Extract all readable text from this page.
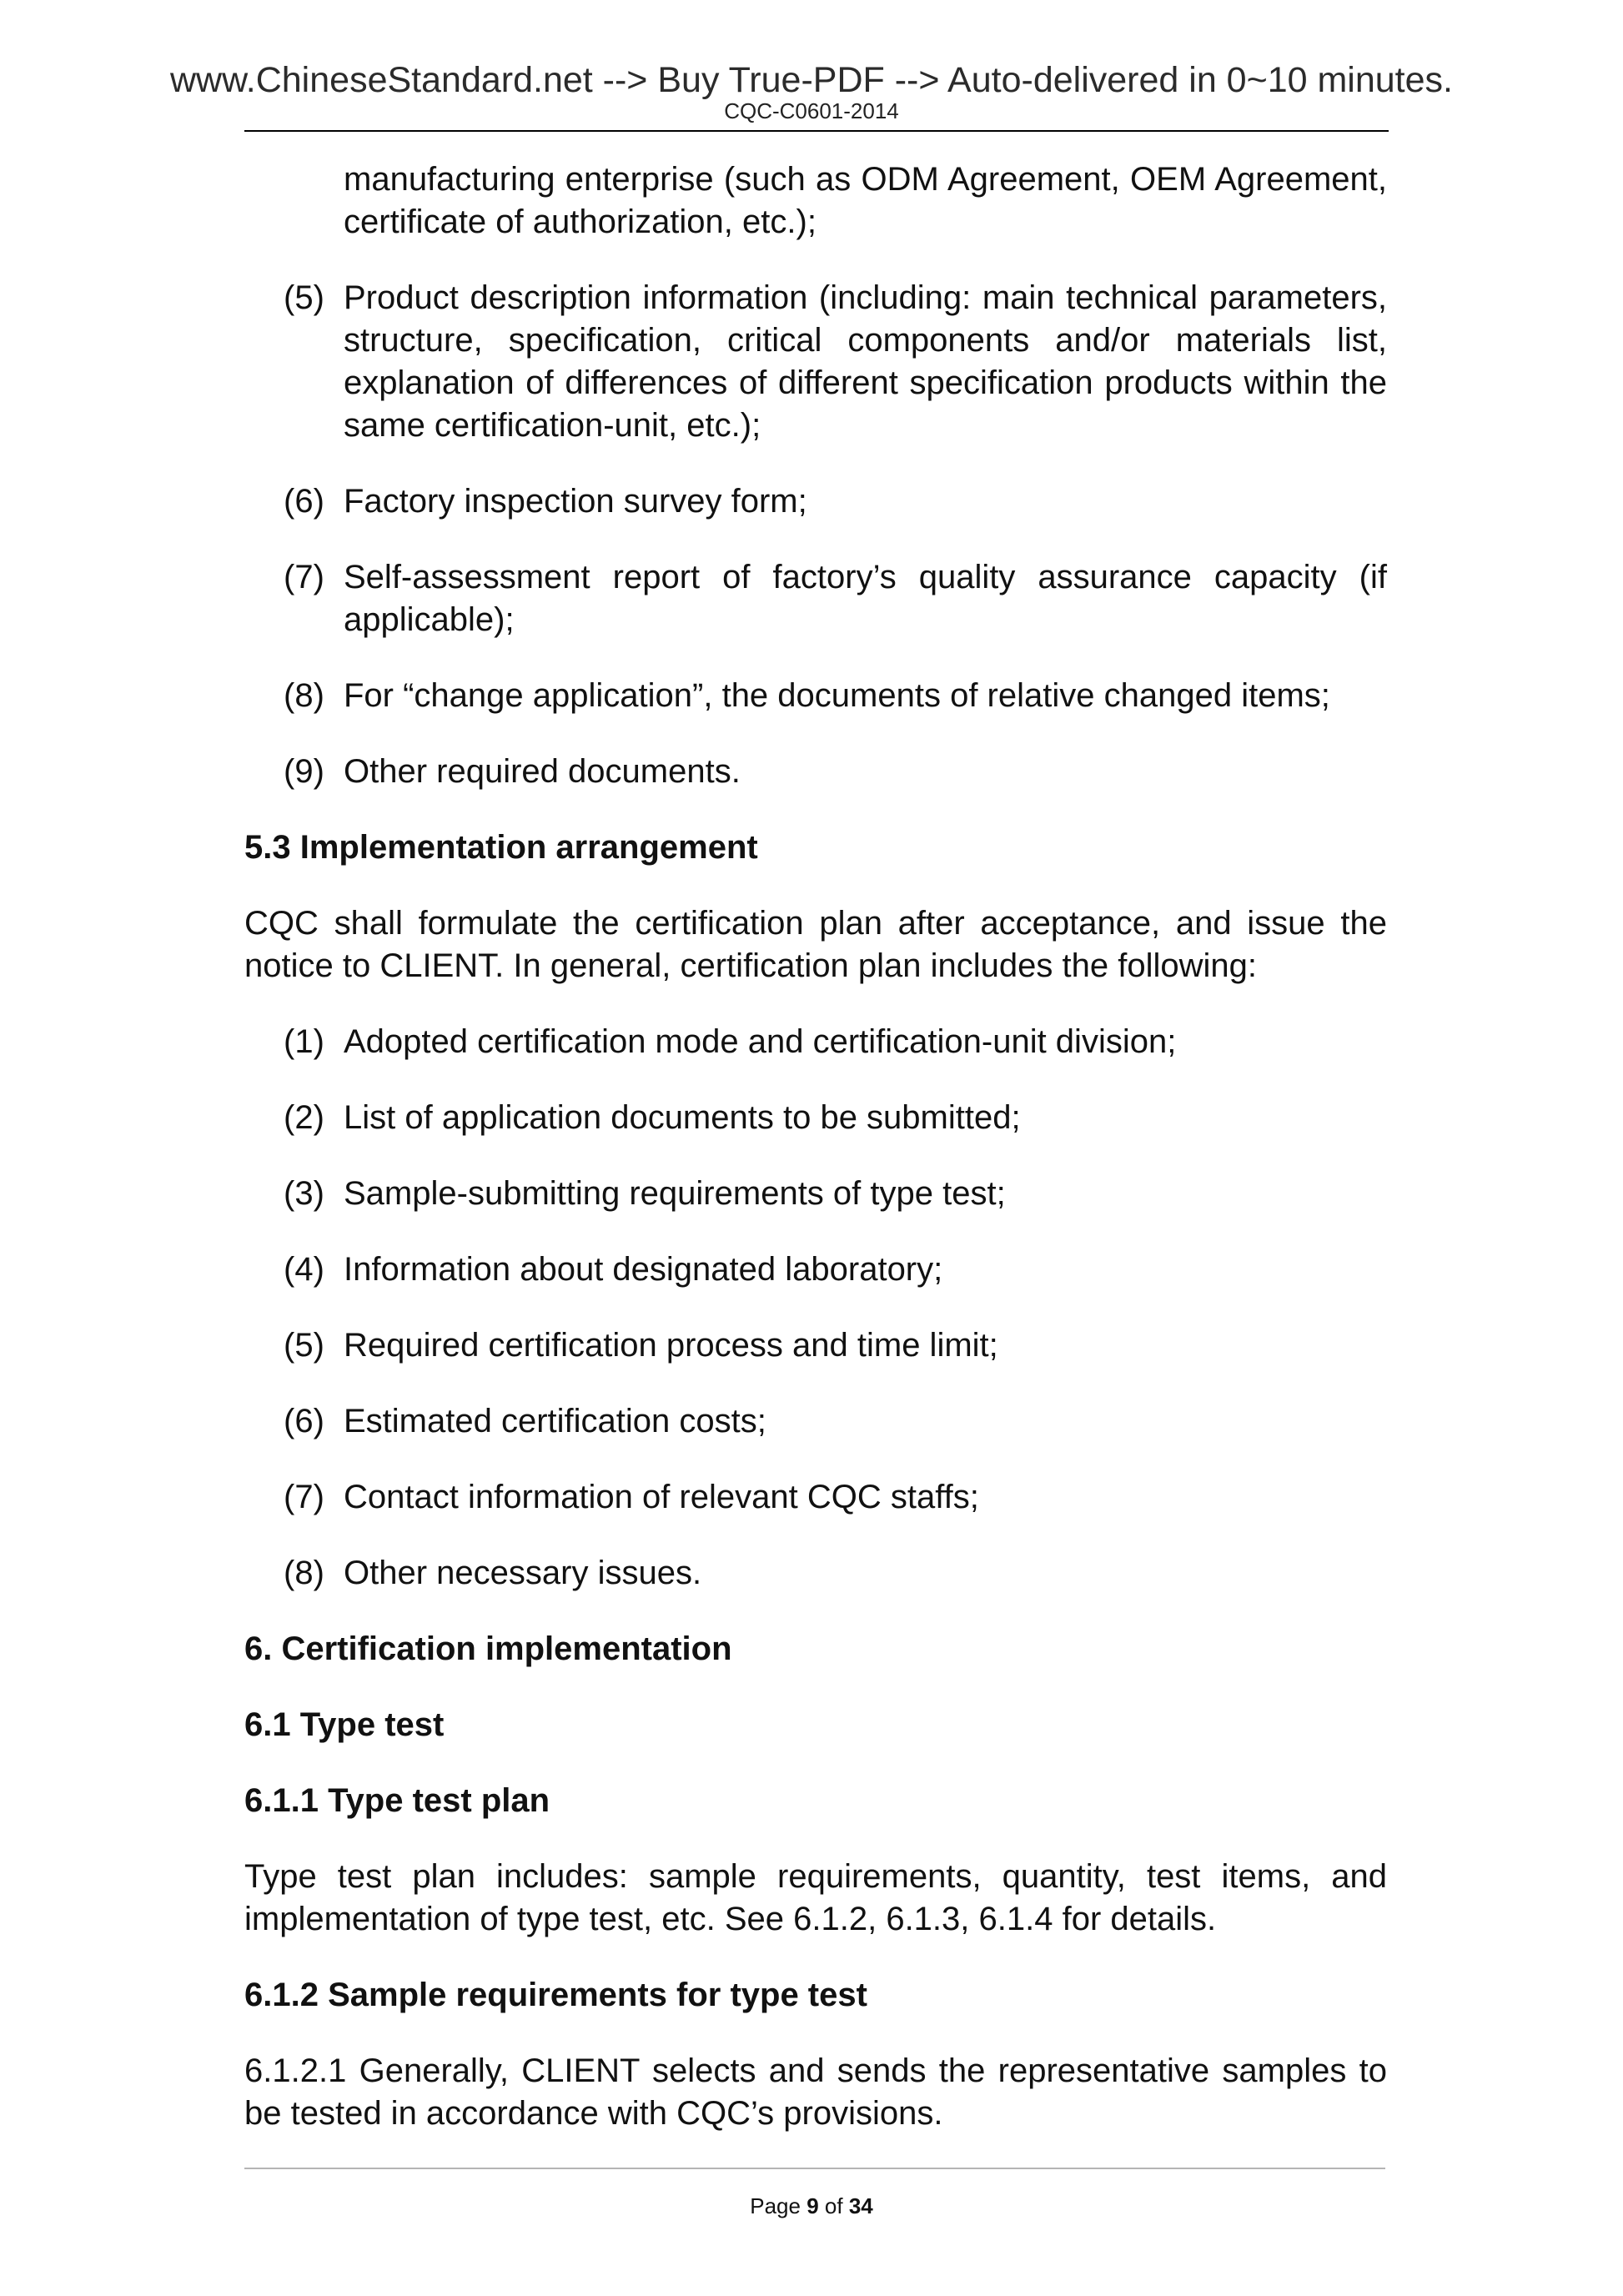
www.ChineseStandard.net --> Buy True-PDF --> Auto-delivered in 0~10 minutes.
CQC-C0601-2014

manufacturing enterprise (such as ODM Agreement, OEM Agreement, certificate of authorization, etc.);

(5) Product description information (including: main technical parameters, structure, specification, critical components and/or materials list, explanation of differences of different specification products within the same certification-unit, etc.);
(6) Factory inspection survey form;
(7) Self-assessment report of factory’s quality assurance capacity (if applicable);
(8) For “change application”, the documents of relative changed items;
(9) Other required documents.
5.3 Implementation arrangement

CQC shall formulate the certification plan after acceptance, and issue the notice to CLIENT. In general, certification plan includes the following:

(1) Adopted certification mode and certification-unit division;
(2) List of application documents to be submitted;
(3) Sample-submitting requirements of type test;
(4) Information about designated laboratory;
(5) Required certification process and time limit;
(6) Estimated certification costs;
(7) Contact information of relevant CQC staffs;
(8) Other necessary issues.
6. Certification implementation
6.1 Type test
6.1.1 Type test plan

Type test plan includes: sample requirements, quantity, test items, and implementation of type test, etc. See 6.1.2, 6.1.3, 6.1.4 for details.

6.1.2 Sample requirements for type test

6.1.2.1 Generally, CLIENT selects and sends the representative samples to be tested in accordance with CQC’s provisions.

Page 9 of 34
